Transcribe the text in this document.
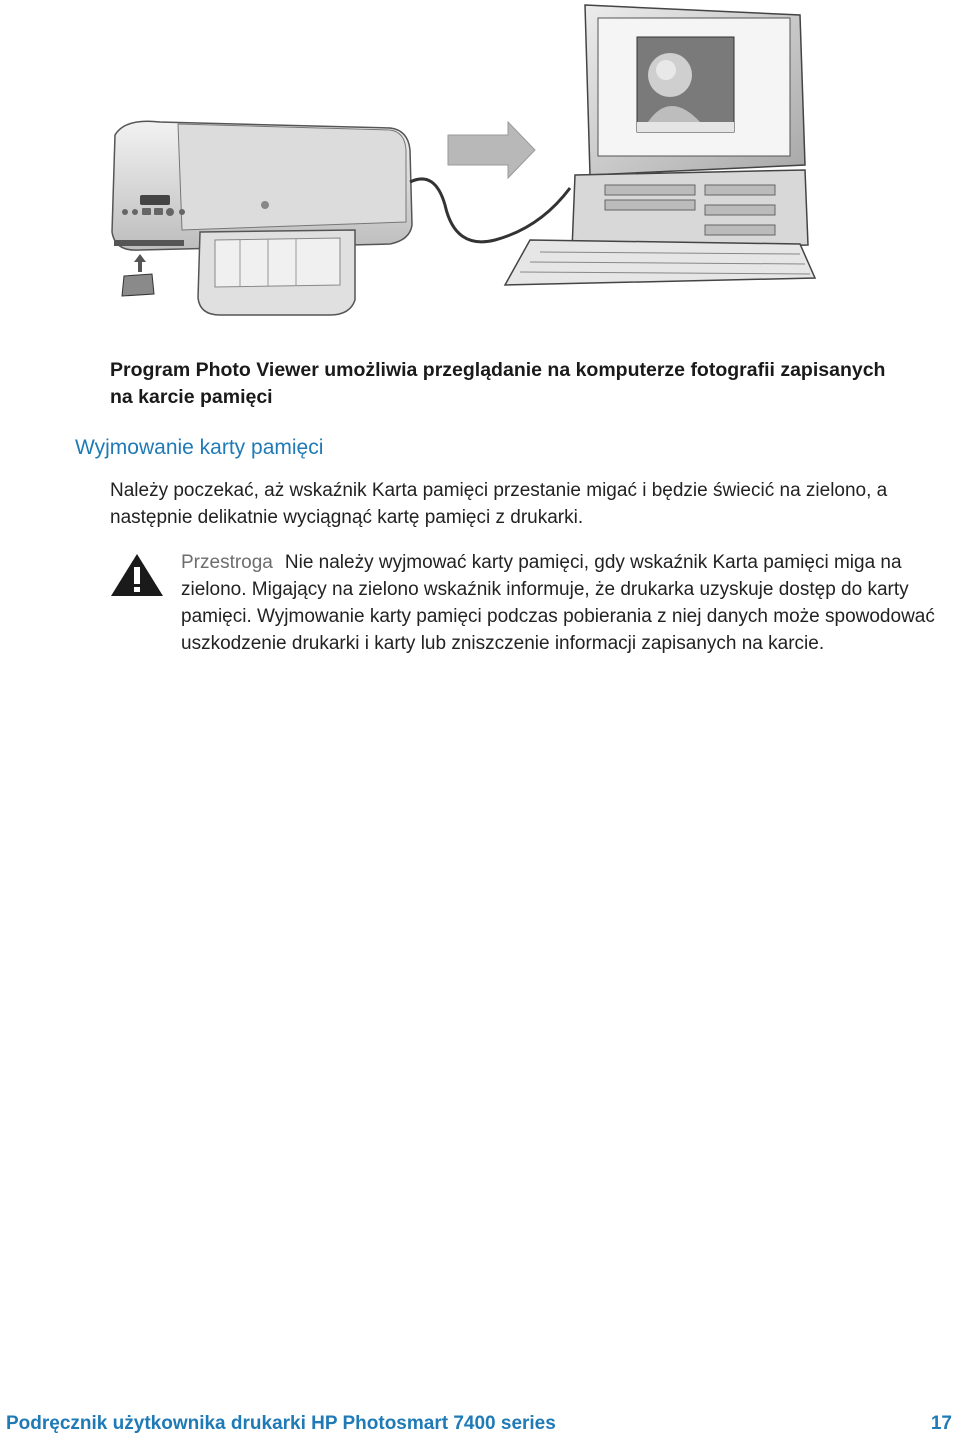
Program Photo Viewer umożliwia przeglądanie na komputerze fotografii zapisanych na karcie pamięci
Wyjmowanie karty pamięci
Należy poczekać, aż wskaźnik Karta pamięci przestanie migać i będzie świecić na zielono, a następnie delikatnie wyciągnąć kartę pamięci z drukarki.
Przestroga Nie należy wyjmować karty pamięci, gdy wskaźnik Karta pamięci miga na zielono. Migający na zielono wskaźnik informuje, że drukarka uzyskuje dostęp do karty pamięci. Wyjmowanie karty pamięci podczas pobierania z niej danych może spowodować uszkodzenie drukarki i karty lub zniszczenie informacji zapisanych na karcie.
Podręcznik użytkownika drukarki HP Photosmart 7400 series	17
